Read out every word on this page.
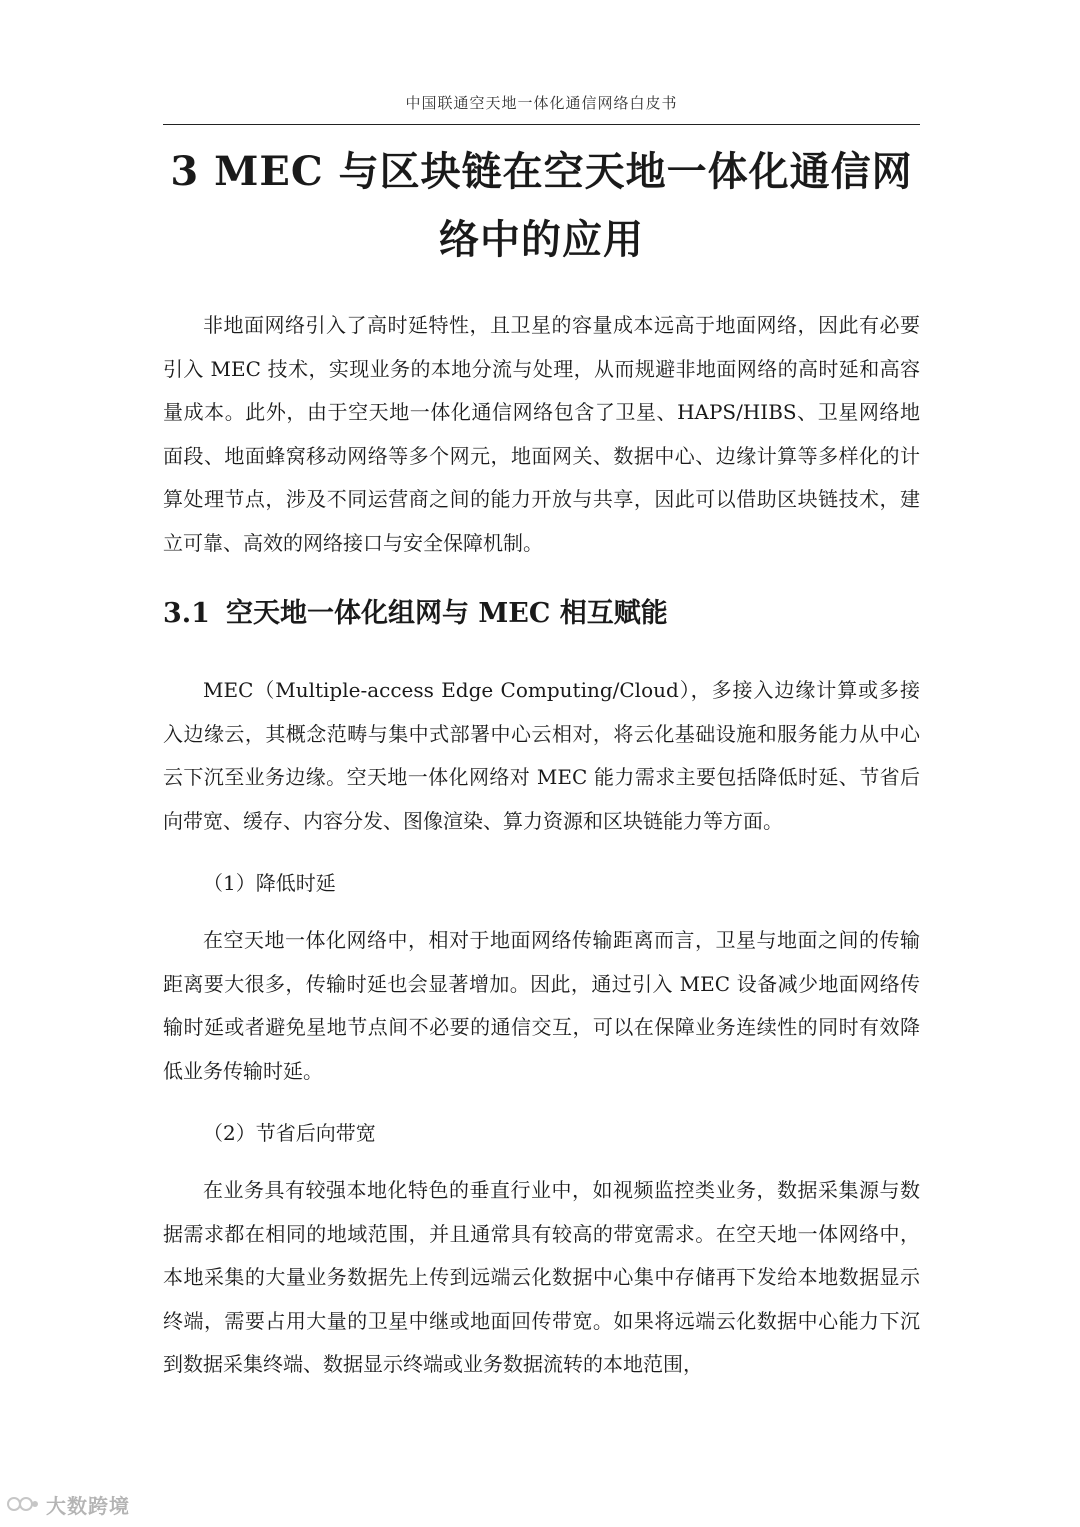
中国联通空天地一体化通信网络白皮书
3 MEC 与区块链在空天地一体化通信网
络中的应用

非地面网络引入了高时延特性，且卫星的容量成本远高于地面网络，因此有必要引入 MEC 技术，实现业务的本地分流与处理，从而规避非地面网络的高时延和高容量成本。此外，由于空天地一体化通信网络包含了卫星、HAPS/HIBS、卫星网络地面段、地面蜂窝移动网络等多个网元，地面网关、数据中心、边缘计算等多样化的计算处理节点，涉及不同运营商之间的能力开放与共享，因此可以借助区块链技术，建立可靠、高效的网络接口与安全保障机制。

3.1 空天地一体化组网与 MEC 相互赋能

MEC（Multiple-access Edge Computing/Cloud），多接入边缘计算或多接入边缘云，其概念范畴与集中式部署中心云相对，将云化基础设施和服务能力从中心云下沉至业务边缘。空天地一体化网络对 MEC 能力需求主要包括降低时延、节省后向带宽、缓存、内容分发、图像渲染、算力资源和区块链能力等方面。

（1）降低时延

在空天地一体化网络中，相对于地面网络传输距离而言，卫星与地面之间的传输距离要大很多，传输时延也会显著增加。因此，通过引入 MEC 设备减少地面网络传输时延或者避免星地节点间不必要的通信交互，可以在保障业务连续性的同时有效降低业务传输时延。

（2）节省后向带宽

在业务具有较强本地化特色的垂直行业中，如视频监控类业务，数据采集源与数据需求都在相同的地域范围，并且通常具有较高的带宽需求。在空天地一体网络中，本地采集的大量业务数据先上传到远端云化数据中心集中存储再下发给本地数据显示终端，需要占用大量的卫星中继或地面回传带宽。如果将远端云化数据中心能力下沉到数据采集终端、数据显示终端或业务数据流转的本地范围，

大数跨境
